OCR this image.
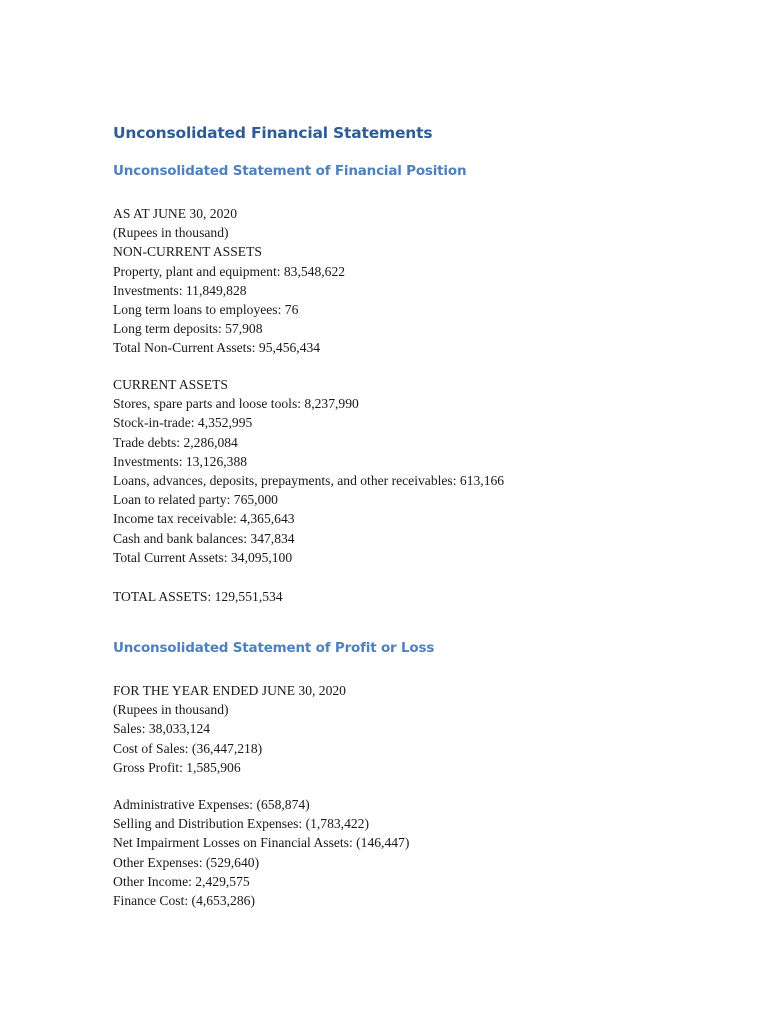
Unconsolidated Financial Statements
Unconsolidated Statement of Financial Position
AS AT JUNE 30, 2020
(Rupees in thousand)
NON-CURRENT ASSETS
Property, plant and equipment: 83,548,622
Investments: 11,849,828
Long term loans to employees: 76
Long term deposits: 57,908
Total Non-Current Assets: 95,456,434
CURRENT ASSETS
Stores, spare parts and loose tools: 8,237,990
Stock-in-trade: 4,352,995
Trade debts: 2,286,084
Investments: 13,126,388
Loans, advances, deposits, prepayments, and other receivables: 613,166
Loan to related party: 765,000
Income tax receivable: 4,365,643
Cash and bank balances: 347,834
Total Current Assets: 34,095,100
TOTAL ASSETS: 129,551,534
Unconsolidated Statement of Profit or Loss
FOR THE YEAR ENDED JUNE 30, 2020
(Rupees in thousand)
Sales: 38,033,124
Cost of Sales: (36,447,218)
Gross Profit: 1,585,906
Administrative Expenses: (658,874)
Selling and Distribution Expenses: (1,783,422)
Net Impairment Losses on Financial Assets: (146,447)
Other Expenses: (529,640)
Other Income: 2,429,575
Finance Cost: (4,653,286)
